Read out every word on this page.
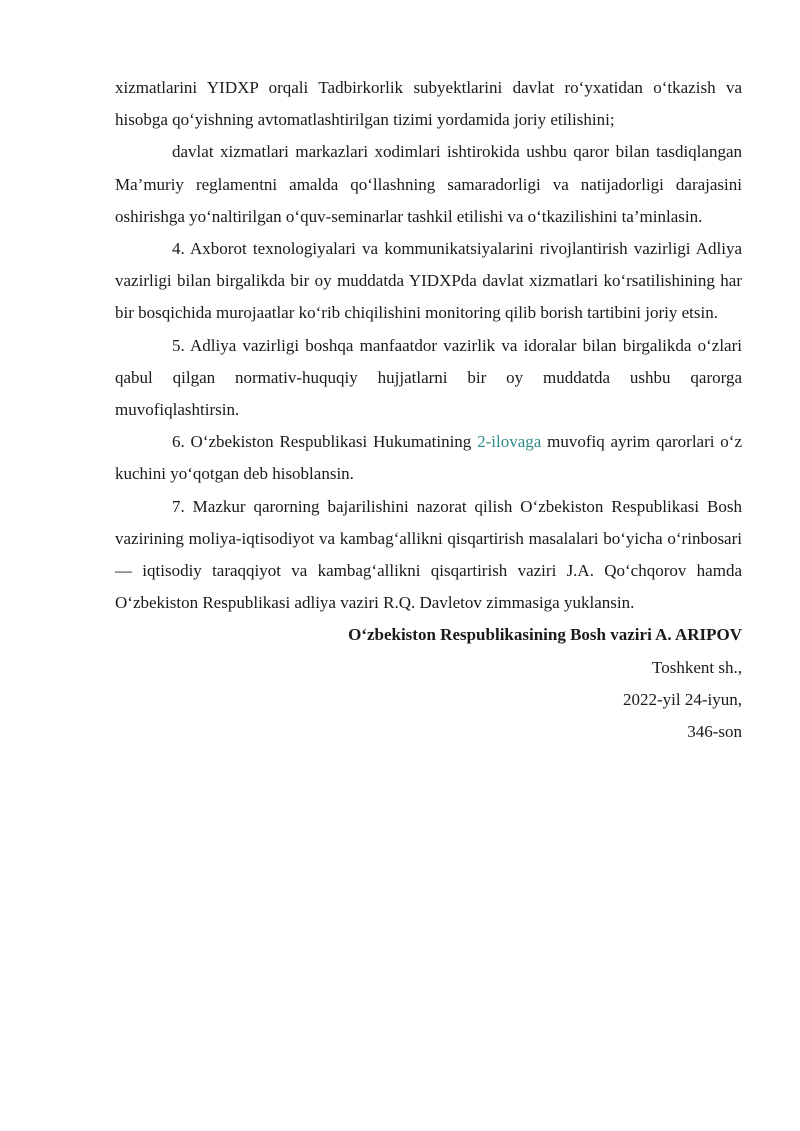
xizmatlarini YIDXP orqali Tadbirkorlik subyektlarini davlat ro‘yxatidan o‘tkazish va hisobga qo‘yishning avtomatlashtirilgan tizimi yordamida joriy etilishini;

davlat xizmatlari markazlari xodimlari ishtirokida ushbu qaror bilan tasdiqlangan Ma’muriy reglamentni amalda qo‘llashning samaradorligi va natijadorligi darajasini oshirishga yo‘naltirilgan o‘quv-seminarlar tashkil etilishi va o‘tkazilishini ta’minlasin.

4. Axborot texnologiyalari va kommunikatsiyalarini rivojlantirish vazirligi Adliya vazirligi bilan birgalikda bir oy muddatda YIDXPda davlat xizmatlari ko‘rsatilishining har bir bosqichida murojaatlar ko‘rib chiqilishini monitoring qilib borish tartibini joriy etsin.

5. Adliya vazirligi boshqa manfaatdor vazirlik va idoralar bilan birgalikda o‘zlari qabul qilgan normativ-huquqiy hujjatlarni bir oy muddatda ushbu qarorga muvofiqlashtirsin.

6. O‘zbekiston Respublikasi Hukumatining 2-ilovaga muvofiq ayrim qarorlari o‘z kuchini yo‘qotgan deb hisoblansin.

7. Mazkur qarorning bajarilishini nazorat qilish O‘zbekiston Respublikasi Bosh vazirining moliya-iqtisodiyot va kambag‘allikni qisqartirish masalalari bo‘yicha o‘rinbosari — iqtisodiy taraqqiyot va kambag‘allikni qisqartirish vaziri J.A. Qo‘chqorov hamda O‘zbekiston Respublikasi adliya vaziri R.Q. Davletov zimmasiga yuklansin.

O‘zbekiston Respublikasining Bosh vaziri A. ARIPOV

Toshkent sh.,

2022-yil 24-iyun,

346-son
